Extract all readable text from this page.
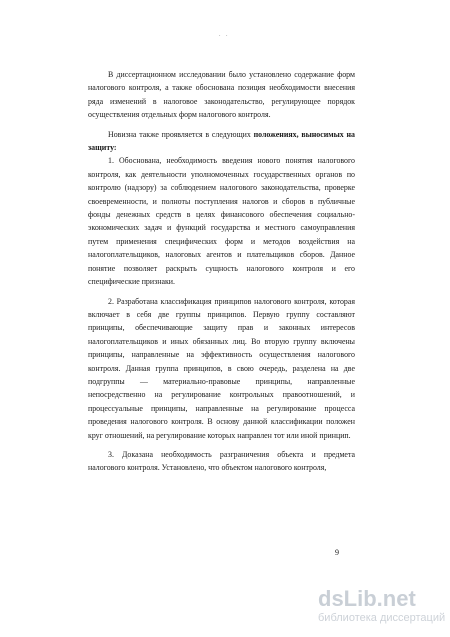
. .

В диссертационном исследовании было установлено содержание форм налогового контроля, а также обоснована позиция необходимости внесения ряда изменений в налоговое законодательство, регулирующее порядок осуществления отдельных форм налогового контроля.

Новизна также проявляется в следующих положениях, выносимых на защиту:

1. Обоснована, необходимость введения нового понятия налогового контроля, как деятельности уполномоченных государственных органов по контролю (надзору) за соблюдением налогового законодательства, проверке своевременности, и полноты поступления налогов и сборов в публичные фонды денежных средств в целях финансового обеспечения социально-экономических задач и функций государства и местного самоуправления путем применения специфических форм и методов воздействия на налогоплательщиков, налоговых агентов и плательщиков сборов. Данное понятие позволяет раскрыть сущность налогового контроля и его специфические признаки.

2. Разработана классификация принципов налогового контроля, которая включает в себя две группы принципов. Первую группу составляют принципы, обеспечивающие защиту прав и законных интересов налогоплательщиков и иных обязанных лиц. Во вторую группу включены принципы, направленные на эффективность осуществления налогового контроля. Данная группа принципов, в свою очередь, разделена на две подгруппы — материально-правовые принципы, направленные непосредственно на регулирование контрольных правоотношений, и процессуальные принципы, направленные на регулирование процесса проведения налогового контроля. В основу данной классификации положен круг отношений, на регулирование которых направлен тот или иной принцип.

3. Доказана необходимость разграничения объекта и предмета налогового контроля. Установлено, что объектом налогового контроля,

9
dsLib.net
библиотека диссертаций
